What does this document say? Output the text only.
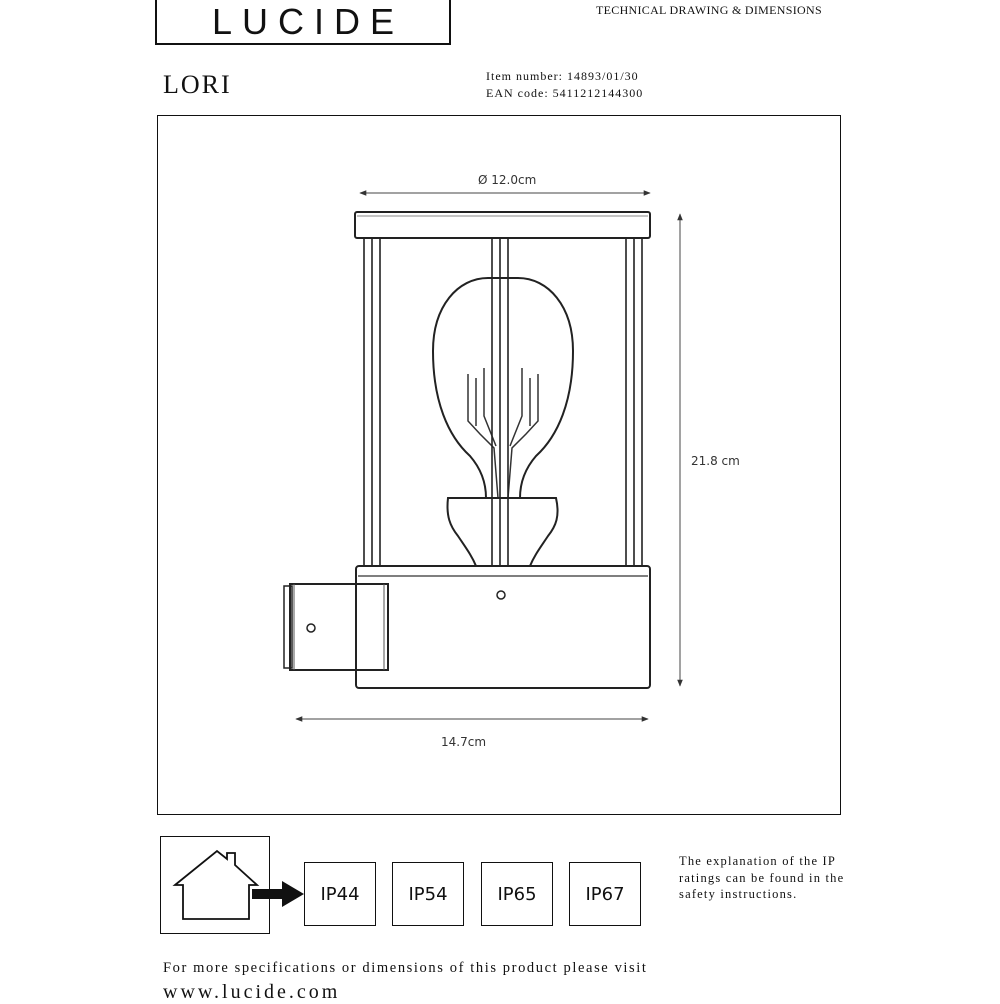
LUCIDE	TECHNICAL DRAWING & DIMENSIONS
LORI	Item number: 14893/01/30
EAN code: 5411212144300
Ø 12.0cm
21.8 cm
14.7cm
IP44	IP54	IP65	IP67
The explanation of the IP ratings can be found in the safety instructions.
For more specifications or dimensions of this product please visit
www.lucide.com
